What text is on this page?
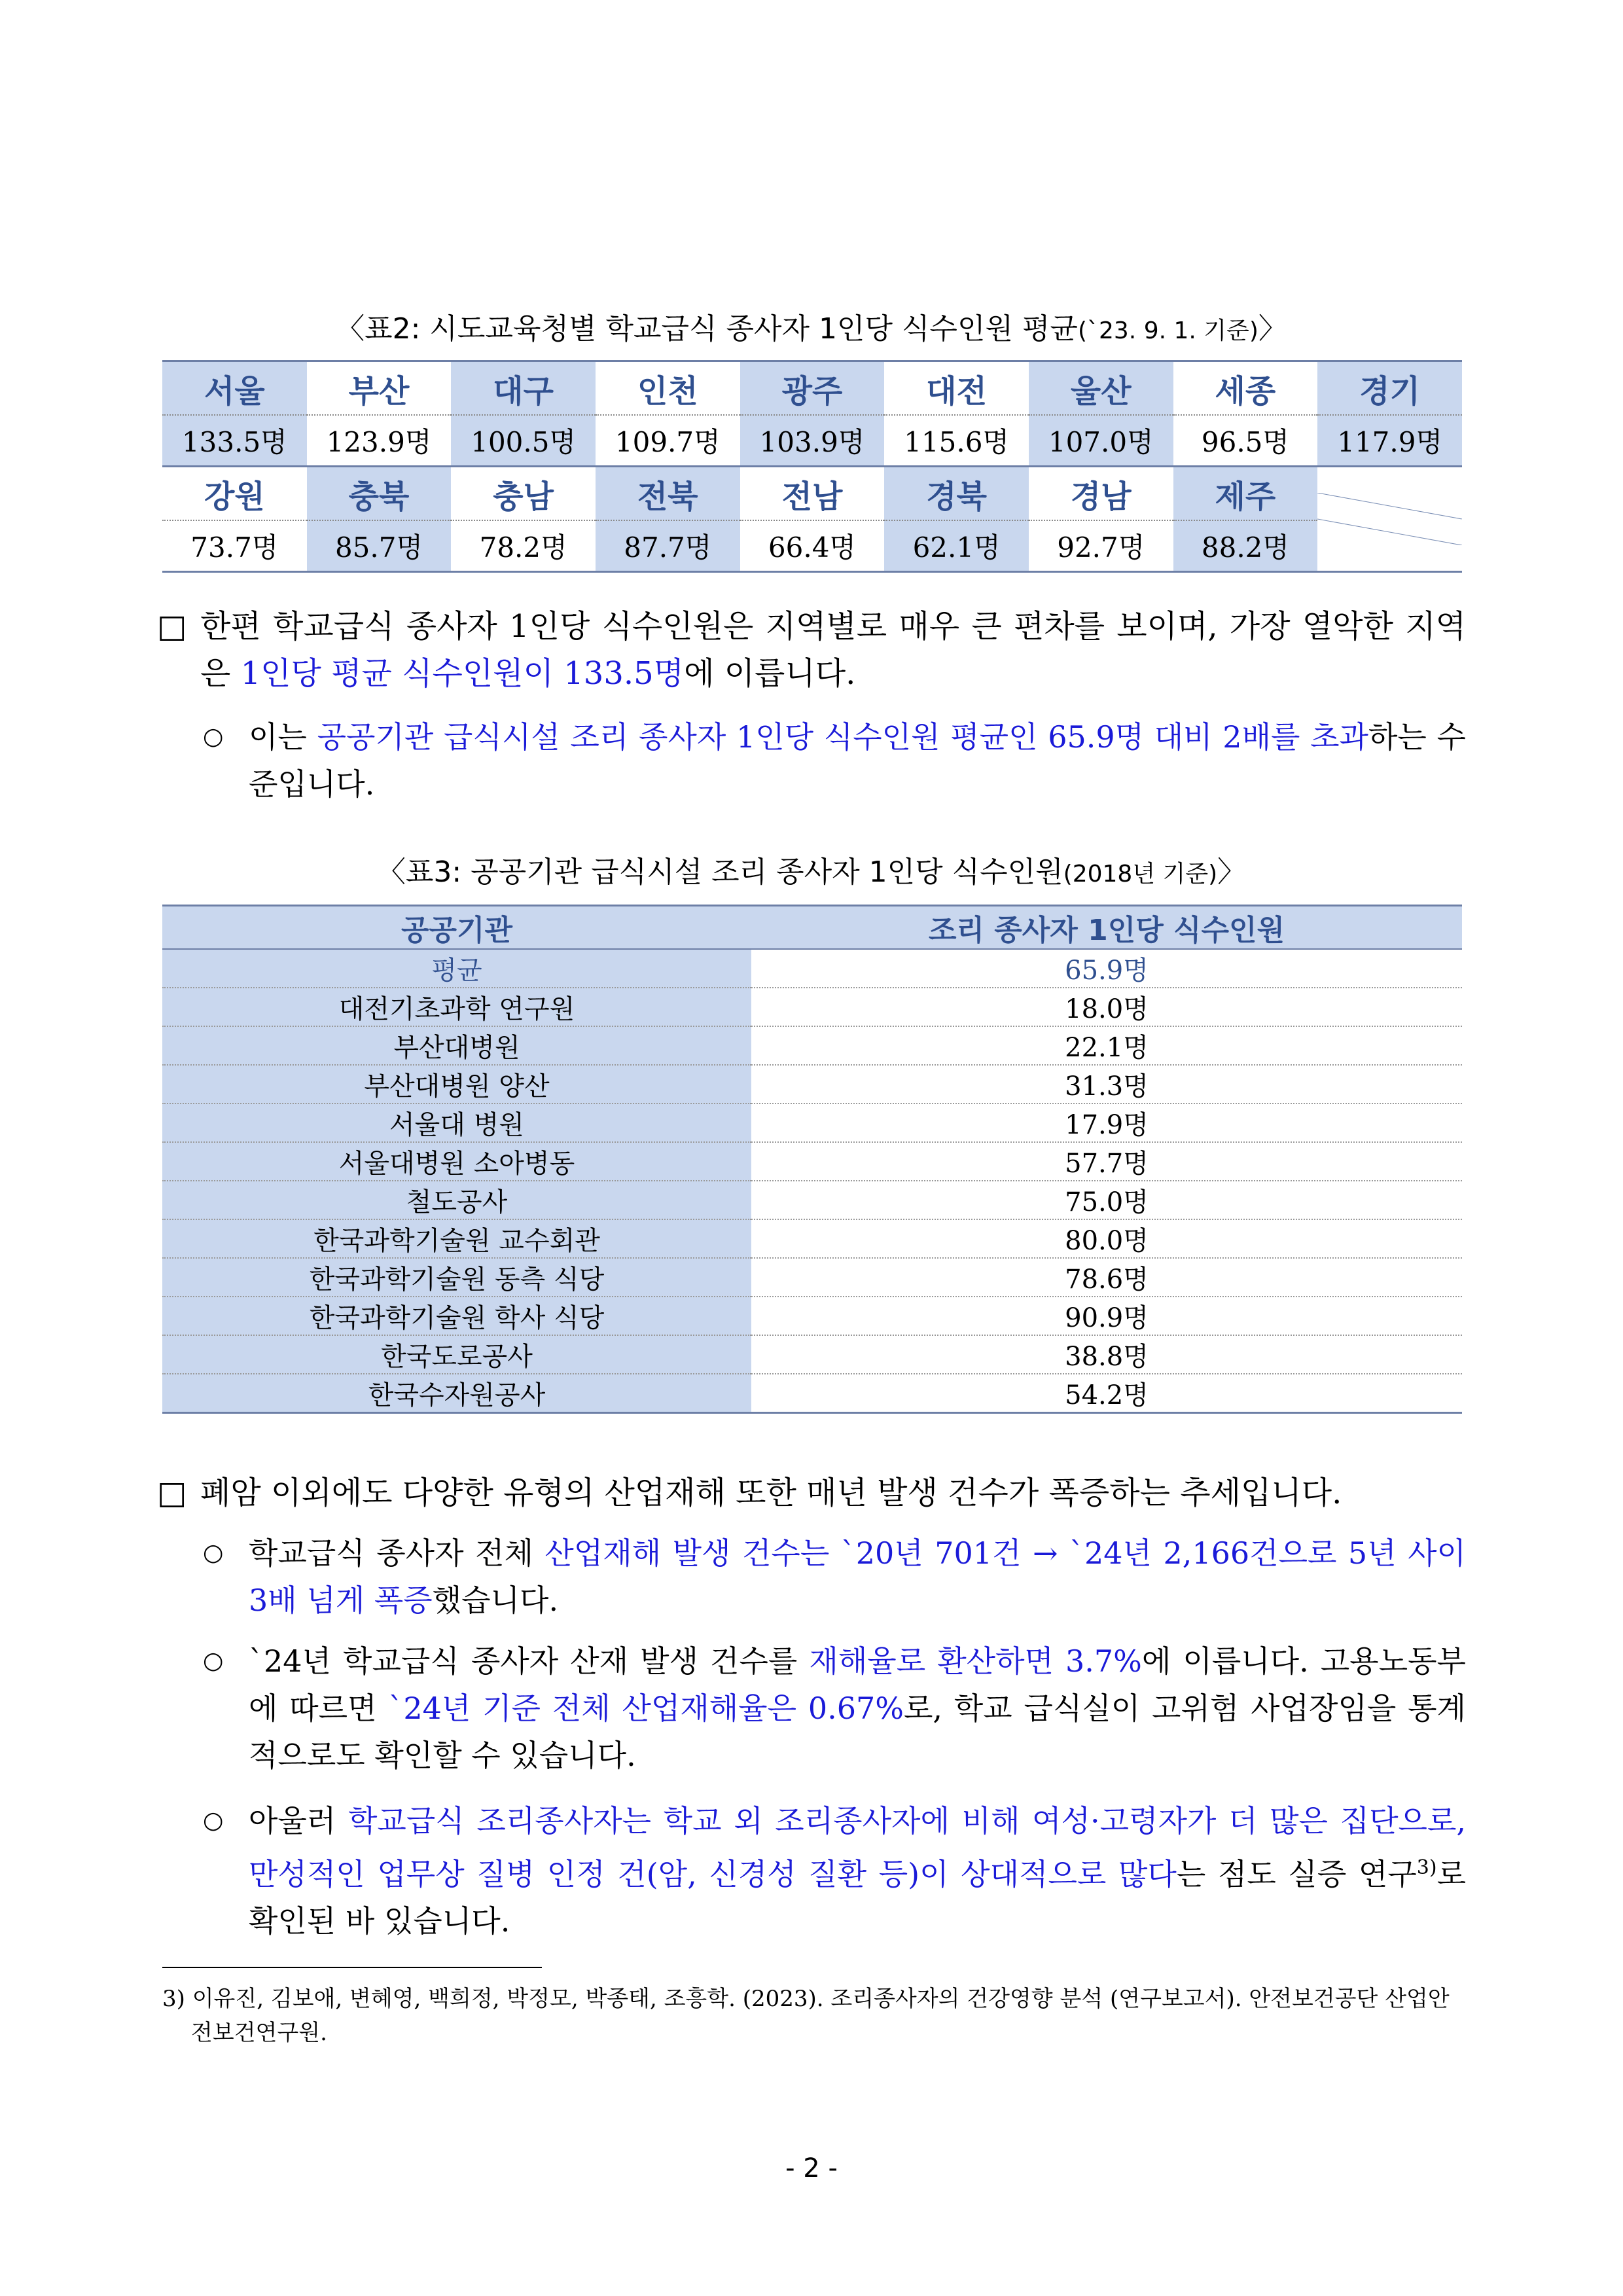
〈표2: 시도교육청별 학교급식 종사자 1인당 식수인원 평균(`23. 9. 1. 기준)〉
서울	부산	대구	인천	광주	대전	울산	세종	경기
133.5명	123.9명	100.5명	109.7명	103.9명	115.6명	107.0명	96.5명	117.9명
강원	충북	충남	전북	전남	경북	경남	제주	

73.7명	85.7명	78.2명	87.7명	66.4명	62.1명	92.7명	88.2명	
□ 한편 학교급식 종사자 1인당 식수인원은 지역별로 매우 큰 편차를 보이며, 가장 열악한 지역은 1인당 평균 식수인원이 133.5명에 이릅니다.
○ 이는 공공기관 급식시설 조리 종사자 1인당 식수인원 평균인 65.9명 대비 2배를 초과하는 수준입니다.
〈표3: 공공기관 급식시설 조리 종사자 1인당 식수인원(2018년 기준)〉
공공기관	조리 종사자 1인당 식수인원
평균	65.9명
대전기초과학 연구원	18.0명
부산대병원	22.1명
부산대병원 양산	31.3명
서울대 병원	17.9명
서울대병원 소아병동	57.7명
철도공사	75.0명
한국과학기술원 교수회관	80.0명
한국과학기술원 동측 식당	78.6명
한국과학기술원 학사 식당	90.9명
한국도로공사	38.8명
한국수자원공사	54.2명
□ 폐암 이외에도 다양한 유형의 산업재해 또한 매년 발생 건수가 폭증하는 추세입니다.
○ 학교급식 종사자 전체 산업재해 발생 건수는 `20년 701건 → `24년 2,166건으로 5년 사이 3배 넘게 폭증했습니다.
○ `24년 학교급식 종사자 산재 발생 건수를 재해율로 환산하면 3.7%에 이릅니다. 고용노동부에 따르면 `24년 기준 전체 산업재해율은 0.67%로, 학교 급식실이 고위험 사업장임을 통계적으로도 확인할 수 있습니다.
○ 아울러 학교급식 조리종사자는 학교 외 조리종사자에 비해 여성·고령자가 더 많은 집단으로, 만성적인 업무상 질병 인정 건(암, 신경성 질환 등)이 상대적으로 많다는 점도 실증 연구$^{3)}$로 확인된 바 있습니다.
3) 이유진, 김보애, 변혜영, 백희정, 박정모, 박종태, 조흥학. (2023). 조리종사자의 건강영향 분석 (연구보고서). 안전보건공단 산업안전보건연구원.
- 2 -
